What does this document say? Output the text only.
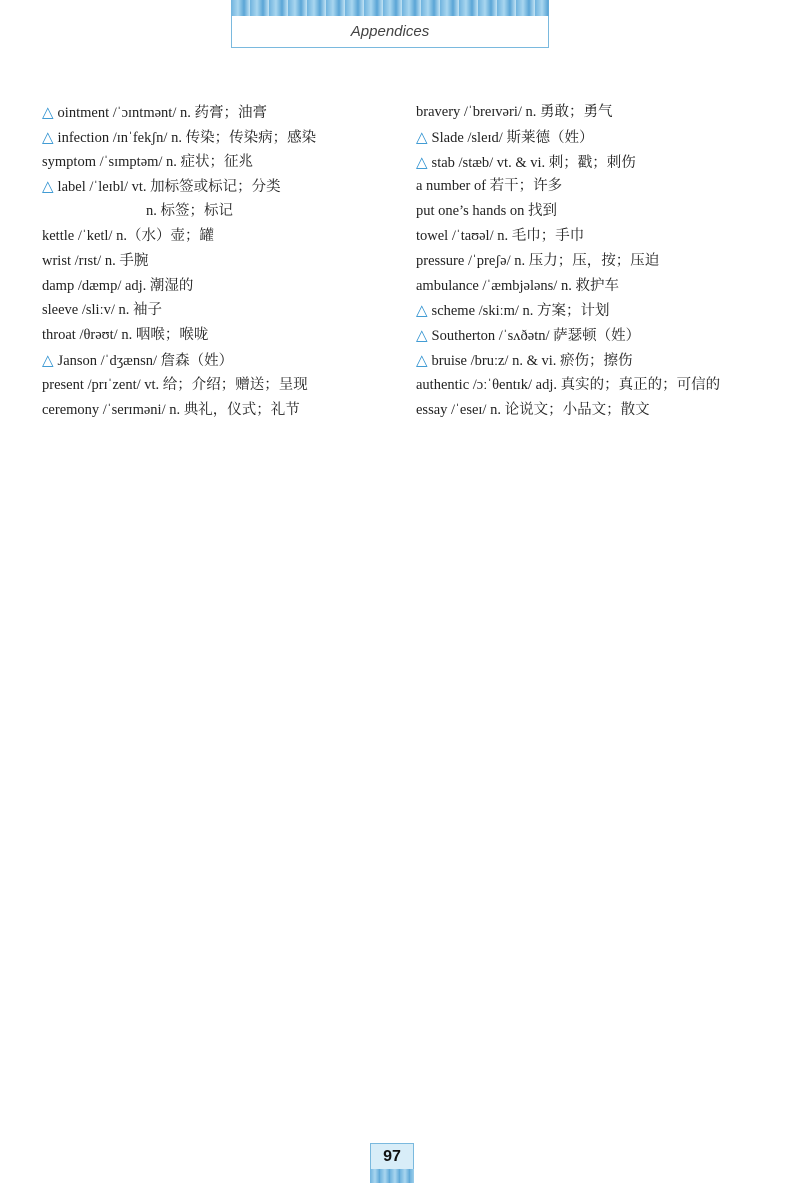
Appendices
△ ointment /ˈɔɪntmənt/ n. 药膏；油膏
△ infection /ɪnˈfekʃn/ n. 传染；传染病；感染
symptom /ˈsɪmptəm/ n. 症状；征兆
△ label /ˈleɪbl/ vt. 加标签或标记；分类
n. 标签；标记
kettle /ˈketl/ n.（水）壶；罐
wrist /rɪst/ n. 手腕
damp /dæmp/ adj. 潮湿的
sleeve /sliːv/ n. 袖子
throat /θrəʊt/ n. 咽喉；喉咙
△ Janson /ˈdʒænsn/ 詹森（姓）
present /prɪˈzent/ vt. 给；介绍；赠送；呈现
ceremony /ˈserɪməni/ n. 典礼，仪式；礼节
bravery /ˈbreɪvəri/ n. 勇敢；勇气
△ Slade /sleɪd/ 斯莱德（姓）
△ stab /stæb/ vt. & vi. 刺；戳；刺伤
a number of 若干；许多
put one’s hands on 找到
towel /ˈtaʊəl/ n. 毛巾；手巾
pressure /ˈpreʃə/ n. 压力；压，按；压迫
ambulance /ˈæmbjələns/ n. 救护车
△ scheme /skiːm/ n. 方案；计划
△ Southerton /ˈsʌðətn/ 萨瑟顿（姓）
△ bruise /bruːz/ n. & vi. 瘀伤；擦伤
authentic /ɔːˈθentɪk/ adj. 真实的；真正的；可信的
essay /ˈeseɪ/ n. 论说文；小品文；散文
97
